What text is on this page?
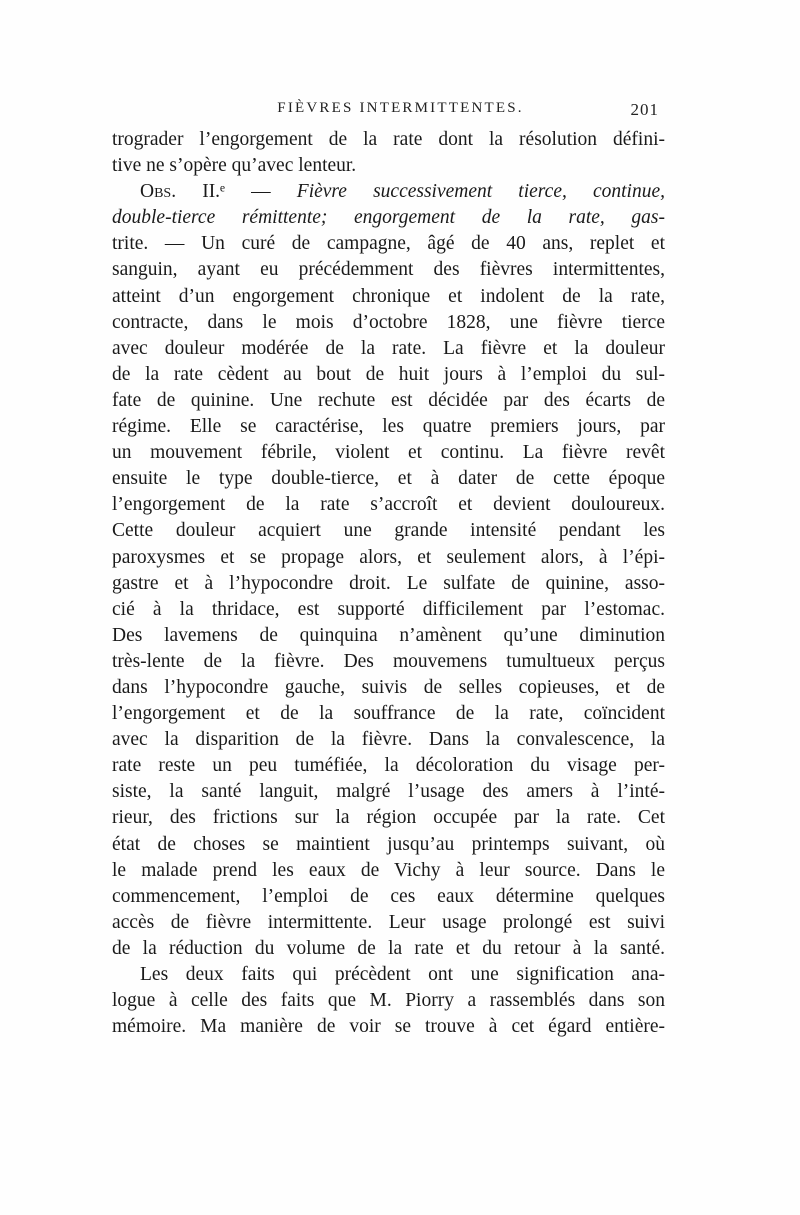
FIÈVRES INTERMITTENTES.	201
trograder l’engorgement de la rate dont la résolution défini-
tive ne s’opère qu’avec lenteur.
Obs. II.ᵉ — Fièvre successivement tierce, continue,
double-tierce rémittente; engorgement de la rate, gas-
trite. — Un curé de campagne, âgé de 40 ans, replet et
sanguin, ayant eu précédemment des fièvres intermittentes,
atteint d’un engorgement chronique et indolent de la rate,
contracte, dans le mois d’octobre 1828, une fièvre tierce
avec douleur modérée de la rate. La fièvre et la douleur
de la rate cèdent au bout de huit jours à l’emploi du sul-
fate de quinine. Une rechute est décidée par des écarts de
régime. Elle se caractérise, les quatre premiers jours, par
un mouvement fébrile, violent et continu. La fièvre revêt
ensuite le type double-tierce, et à dater de cette époque
l’engorgement de la rate s’accroît et devient douloureux.
Cette douleur acquiert une grande intensité pendant les
paroxysmes et se propage alors, et seulement alors, à l’épi-
gastre et à l’hypocondre droit. Le sulfate de quinine, asso-
cié à la thridace, est supporté difficilement par l’estomac.
Des lavemens de quinquina n’amènent qu’une diminution
très-lente de la fièvre. Des mouvemens tumultueux perçus
dans l’hypocondre gauche, suivis de selles copieuses, et de
l’engorgement et de la souffrance de la rate, coïncident
avec la disparition de la fièvre. Dans la convalescence, la
rate reste un peu tuméfiée, la décoloration du visage per-
siste, la santé languit, malgré l’usage des amers à l’inté-
rieur, des frictions sur la région occupée par la rate. Cet
état de choses se maintient jusqu’au printemps suivant, où
le malade prend les eaux de Vichy à leur source. Dans le
commencement, l’emploi de ces eaux détermine quelques
accès de fièvre intermittente. Leur usage prolongé est suivi
de la réduction du volume de la rate et du retour à la santé.
Les deux faits qui précèdent ont une signification ana-
logue à celle des faits que M. Piorry a rassemblés dans son
mémoire. Ma manière de voir se trouve à cet égard entière-
